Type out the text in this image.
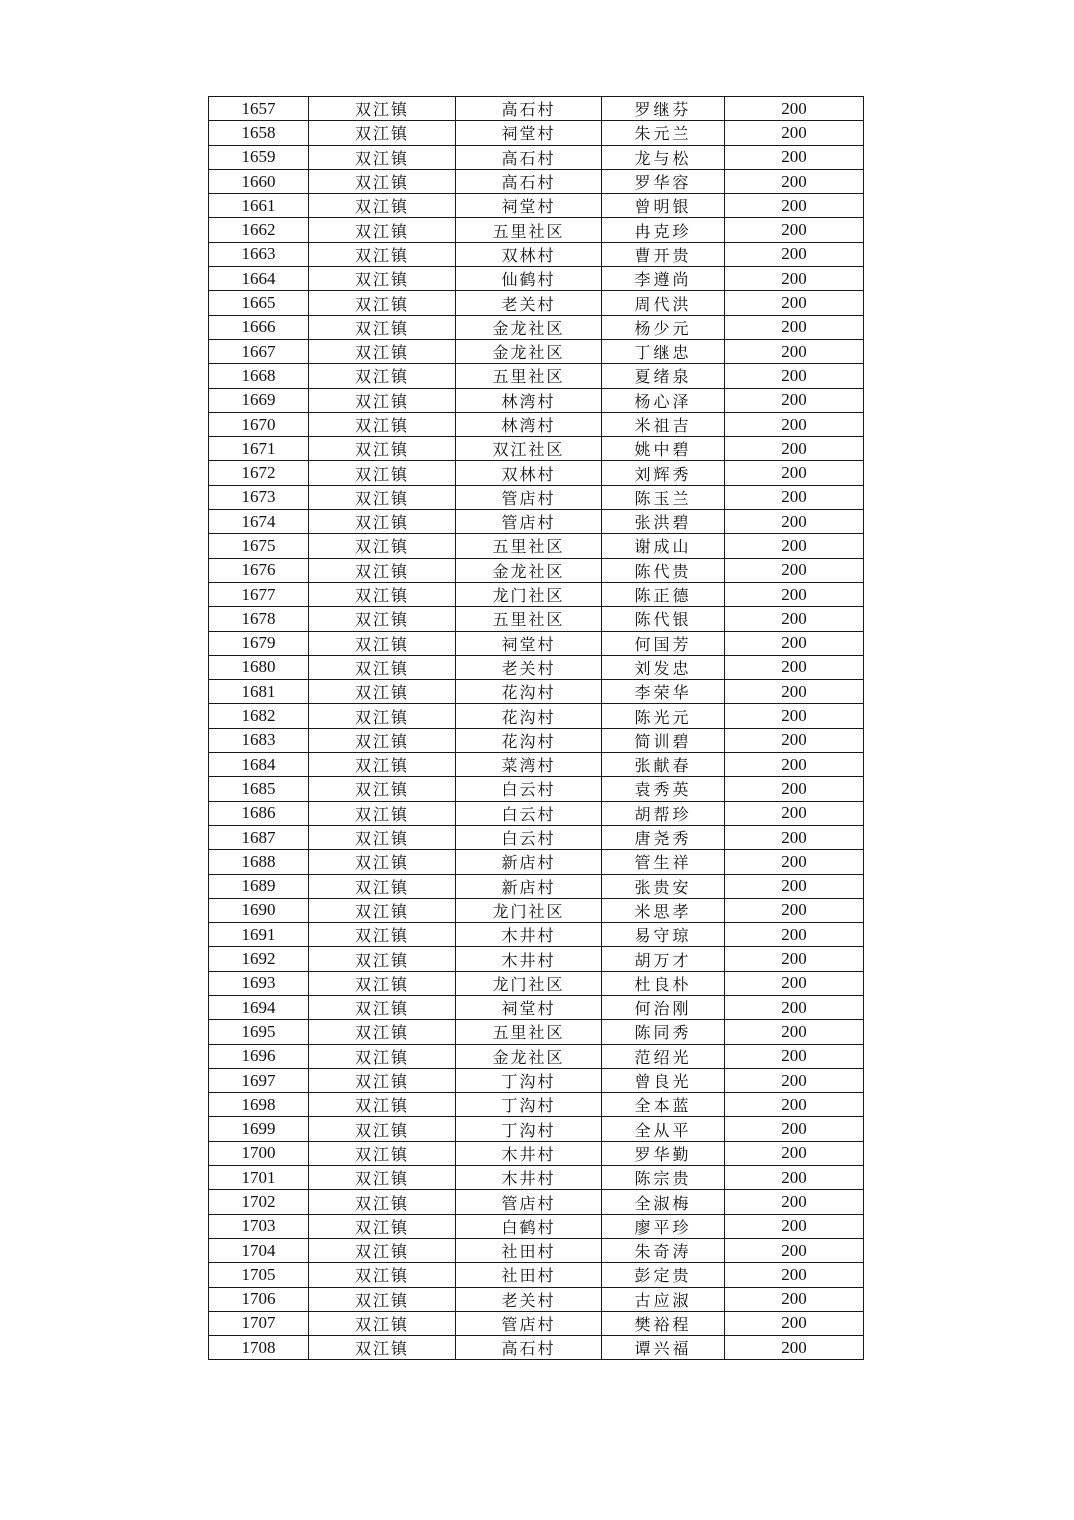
1657	双江镇	高石村	罗继芬	200
1658	双江镇	祠堂村	朱元兰	200
1659	双江镇	高石村	龙与松	200
1660	双江镇	高石村	罗华容	200
1661	双江镇	祠堂村	曾明银	200
1662	双江镇	五里社区	冉克珍	200
1663	双江镇	双林村	曹开贵	200
1664	双江镇	仙鹤村	李遵尚	200
1665	双江镇	老关村	周代洪	200
1666	双江镇	金龙社区	杨少元	200
1667	双江镇	金龙社区	丁继忠	200
1668	双江镇	五里社区	夏绪泉	200
1669	双江镇	林湾村	杨心泽	200
1670	双江镇	林湾村	米祖吉	200
1671	双江镇	双江社区	姚中碧	200
1672	双江镇	双林村	刘辉秀	200
1673	双江镇	管店村	陈玉兰	200
1674	双江镇	管店村	张洪碧	200
1675	双江镇	五里社区	谢成山	200
1676	双江镇	金龙社区	陈代贵	200
1677	双江镇	龙门社区	陈正德	200
1678	双江镇	五里社区	陈代银	200
1679	双江镇	祠堂村	何国芳	200
1680	双江镇	老关村	刘发忠	200
1681	双江镇	花沟村	李荣华	200
1682	双江镇	花沟村	陈光元	200
1683	双江镇	花沟村	简训碧	200
1684	双江镇	菜湾村	张献春	200
1685	双江镇	白云村	袁秀英	200
1686	双江镇	白云村	胡帮珍	200
1687	双江镇	白云村	唐尧秀	200
1688	双江镇	新店村	管生祥	200
1689	双江镇	新店村	张贵安	200
1690	双江镇	龙门社区	米思孝	200
1691	双江镇	木井村	易守琼	200
1692	双江镇	木井村	胡万才	200
1693	双江镇	龙门社区	杜良朴	200
1694	双江镇	祠堂村	何治刚	200
1695	双江镇	五里社区	陈同秀	200
1696	双江镇	金龙社区	范绍光	200
1697	双江镇	丁沟村	曾良光	200
1698	双江镇	丁沟村	全本蓝	200
1699	双江镇	丁沟村	全从平	200
1700	双江镇	木井村	罗华勤	200
1701	双江镇	木井村	陈宗贵	200
1702	双江镇	管店村	全淑梅	200
1703	双江镇	白鹤村	廖平珍	200
1704	双江镇	社田村	朱奇涛	200
1705	双江镇	社田村	彭定贵	200
1706	双江镇	老关村	古应淑	200
1707	双江镇	管店村	樊裕程	200
1708	双江镇	高石村	谭兴福	200
